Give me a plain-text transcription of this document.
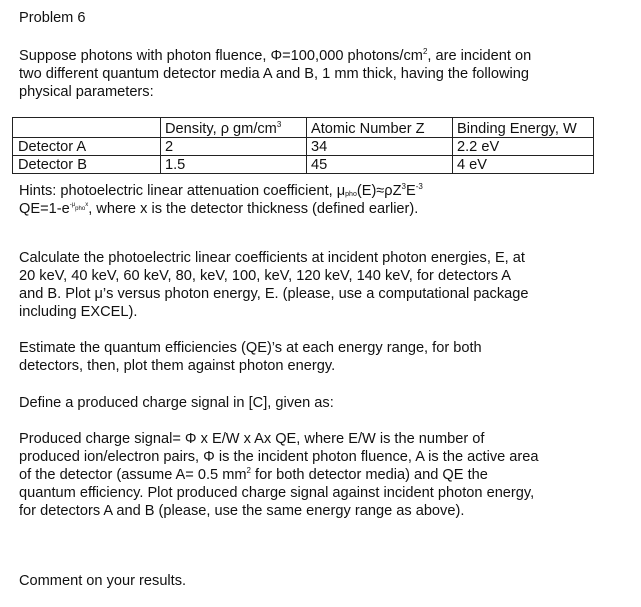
Problem 6

Suppose photons with photon fluence, Φ=100,000 photons/$cm^2$, are incident on
two different quantum detector media A and B, 1 mm thick, having the following
physical parameters:
	Density, ρ $gm/cm^3$	Atomic Number Z	Binding Energy, W
Detector A	2	34	2.2 eV
Detector B	1.5	45	4 eV
Hints: photoelectric linear attenuation coefficient, $\mu_{pho}(E)\approx\rho Z^3E^{-3}$
$QE=1-e^{-\mu phox}$, where x is the detector thickness (defined earlier).
Calculate the photoelectric linear coefficients at incident photon energies, E, at
20 keV, 40 keV, 60 keV, 80, keV, 100, keV, 120 keV, 140 keV, for detectors A
and B. Plot μ’s versus photon energy, E. (please, use a computational package
including EXCEL).
Estimate the quantum efficiencies (QE)’s at each energy range, for both
detectors, then, plot them against photon energy.

Define a produced charge signal in [C], given as:

Produced charge signal= Φ x E/W x Ax QE, where E/W is the number of
produced ion/electron pairs, Φ is the incident photon fluence, A is the active area
of the detector (assume A= 0.5 $mm^2$ for both detector media) and QE the
quantum efficiency. Plot produced charge signal against incident photon energy,
for detectors A and B (please, use the same energy range as above).

Comment on your results.
